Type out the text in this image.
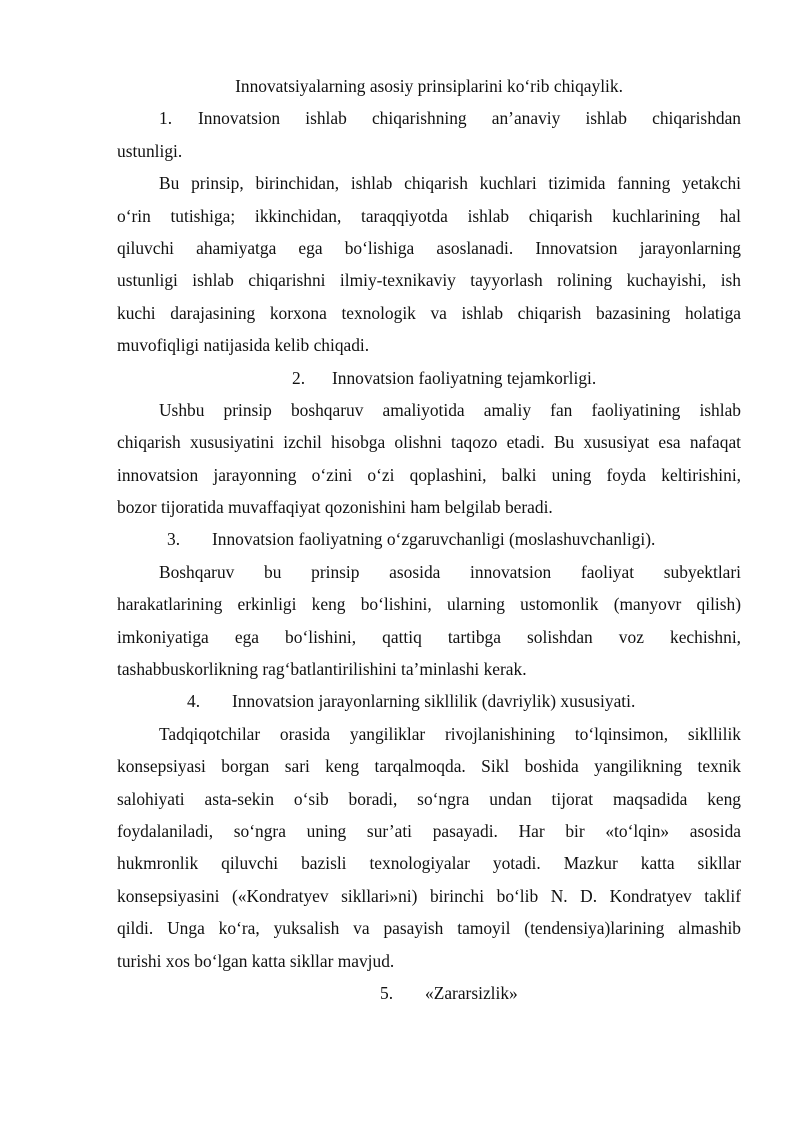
Innovatsiyalarning asosiy prinsiplarini ko‘rib chiqaylik.
1. Innovatsion ishlab chiqarishning an’anaviy ishlab chiqarishdan
ustunligi.
Bu prinsip, birinchidan, ishlab chiqarish kuchlari tizimida fanning yetakchi
o‘rin tutishiga; ikkinchidan, taraqqiyotda ishlab chiqarish kuchlarining hal
qiluvchi ahamiyatga ega bo‘lishiga asoslanadi. Innovatsion jarayonlarning
ustunligi ishlab chiqarishni ilmiy-texnikaviy tayyorlash rolining kuchayishi, ish
kuchi darajasining korxona texnologik va ishlab chiqarish bazasining holatiga
muvofiqligi natijasida kelib chiqadi.
2. Innovatsion faoliyatning tejamkorligi.
Ushbu prinsip boshqaruv amaliyotida amaliy fan faoliyatining ishlab
chiqarish xususiyatini izchil hisobga olishni taqozo etadi. Bu xususiyat esa nafaqat
innovatsion jarayonning o‘zini o‘zi qoplashini, balki uning foyda keltirishini,
bozor tijoratida muvaffaqiyat qozonishini ham belgilab beradi.
3. Innovatsion faoliyatning o‘zgaruvchanligi (moslashuvchanligi).
Boshqaruv bu prinsip asosida innovatsion faoliyat subyektlari
harakatlarining erkinligi keng bo‘lishini, ularning ustomonlik (manyovr qilish)
imkoniyatiga ega bo‘lishini, qattiq tartibga solishdan voz kechishni,
tashabbuskorlikning rag‘batlantirilishini ta’minlashi kerak.
4. Innovatsion jarayonlarning sikllilik (davriylik) xususiyati.
Tadqiqotchilar orasida yangiliklar rivojlanishining to‘lqinsimon, sikllilik
konsepsiyasi borgan sari keng tarqalmoqda. Sikl boshida yangilikning texnik
salohiyati asta-sekin o‘sib boradi, so‘ngra undan tijorat maqsadida keng
foydalaniladi, so‘ngra uning sur’ati pasayadi. Har bir «to‘lqin» asosida
hukmronlik qiluvchi bazisli texnologiyalar yotadi. Mazkur katta sikllar
konsepsiyasini («Kondratyev sikllari»ni) birinchi bo‘lib N. D. Kondratyev taklif
qildi. Unga ko‘ra, yuksalish va pasayish tamoyil (tendensiya)larining almashib
turishi xos bo‘lgan katta sikllar mavjud.
5. «Zararsizlik»
